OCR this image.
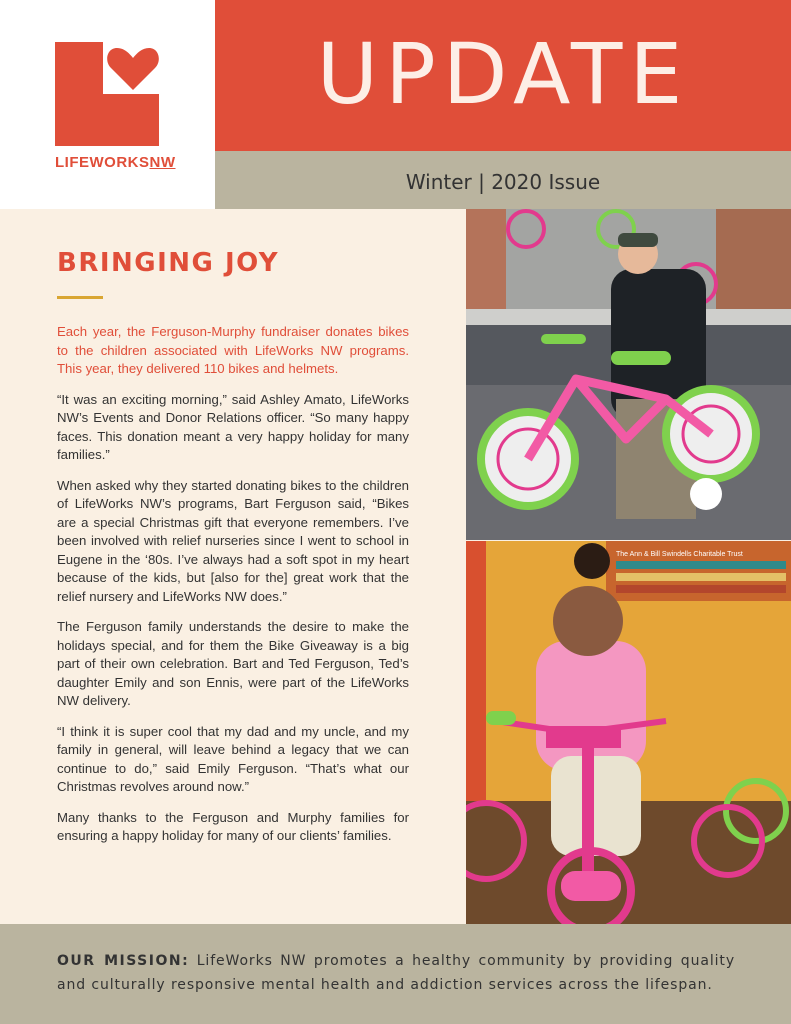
LIFEWORKSNW
UPDATE
Winter | 2020 Issue
BRINGING JOY

Each year, the Ferguson-Murphy fundraiser donates bikes to the children associated with LifeWorks NW programs. This year, they delivered 110 bikes and helmets.

“It was an exciting morning,” said Ashley Amato, LifeWorks NW’s Events and Donor Relations officer. “So many happy faces. This donation meant a very happy holiday for many families.”

When asked why they started donating bikes to the children of LifeWorks NW’s programs, Bart Ferguson said, “Bikes are a special Christmas gift that everyone remembers. I’ve been involved with relief nurseries since I went to school in Eugene in the ‘80s. I’ve always had a soft spot in my heart because of the kids, but [also for the] great work that the relief nursery and LifeWorks NW does.”

The Ferguson family understands the desire to make the holidays special, and for them the Bike Giveaway is a big part of their own celebration. Bart and Ted Ferguson, Ted’s daughter Emily and son Ennis, were part of the LifeWorks NW delivery.

“I think it is super cool that my dad and my uncle, and my family in general, will leave behind a legacy that we can continue to do,” said Emily Ferguson. “That’s what our Christmas revolves around now.”

Many thanks to the Ferguson and Murphy families for ensuring a happy holiday for many of our clients’ families.

The Ann & Bill Swindells Charitable Trust

OUR MISSION: LifeWorks NW promotes a healthy community by providing quality and culturally responsive mental health and addiction services across the lifespan.
